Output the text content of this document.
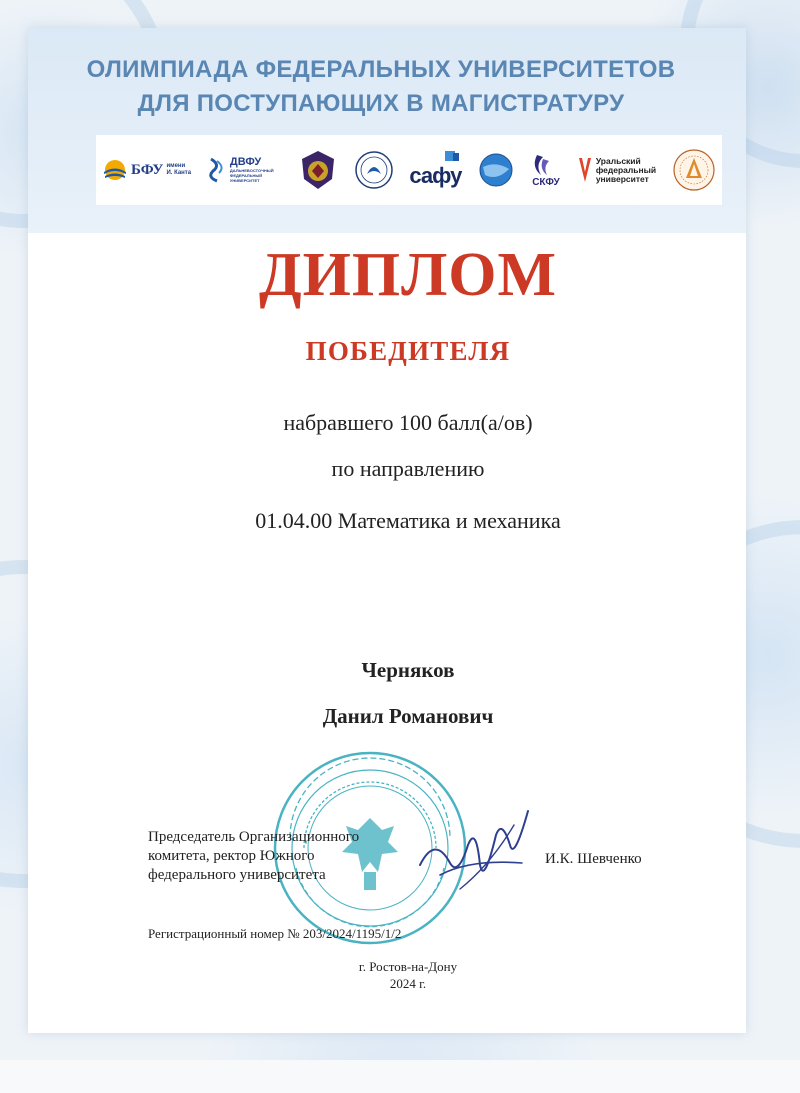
ОЛИМПИАДА ФЕДЕРАЛЬНЫХ УНИВЕРСИТЕТОВ
ДЛЯ ПОСТУПАЮЩИХ В МАГИСТРАТУРУ
БФУ имени
И. Канта
ДВФУ
ДАЛЬНЕВОСТОЧНЫЙ ФЕДЕРАЛЬНЫЙ УНИВЕРСИТЕТ	сафу	СКФУ
Уральский
федеральный
университет
ДИПЛОМ
ПОБЕДИТЕЛЯ
набравшего 100 балл(а/ов)
по направлению
01.04.00 Математика и механика
Черняков
Данил Романович
Председатель Организационного
комитета, ректор Южного
федерального университета
И.К. Шевченко
Регистрационный номер № 203/2024/1195/1/2
г. Ростов-на-Дону
2024 г.
